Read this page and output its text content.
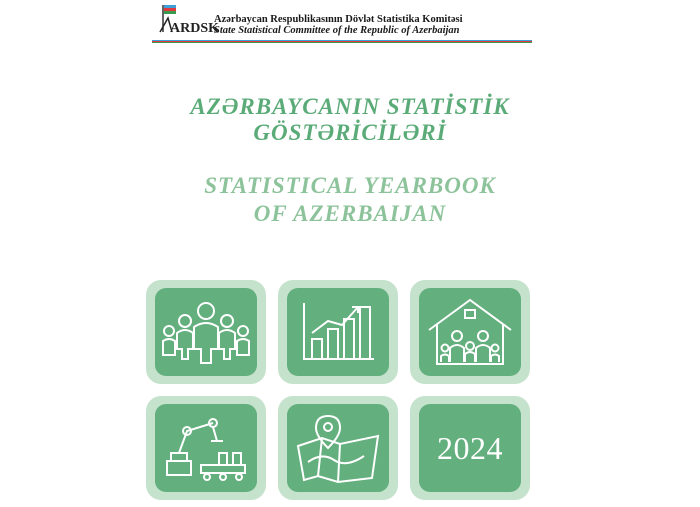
ARDSK
Azərbaycan Respublikasının Dövlət Statistika Komitəsi
State Statistical Committee of the Republic of Azerbaijan
AZƏRBAYCANIN STATİSTİK
GÖSTƏRİCİLƏRİ
STATISTICAL YEARBOOK
OF AZERBAIJAN
2024
